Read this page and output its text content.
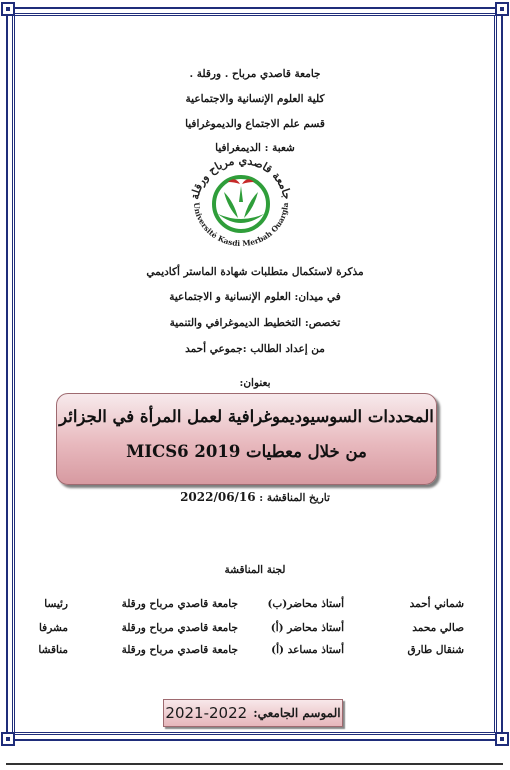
جامعة قاصدي مرباح . ورقلة .
كلية العلوم الإنسانية والاجتماعية
قسم علم الاجتماع والديموغرافيا
شعبة : الديمغرافيا
جامعة قاصدي مرباح ورقلة
Université Kasdi Merbah Ouargla
مذكرة لاستكمال متطلبات شهادة الماستر أكاديمي
في ميدان: العلوم الإنسانية و الاجتماعية
تخصص: التخطيط الديموغرافي والتنمية
من إعداد الطالب :جموعي أحمد
بعنوان:
المحددات السوسيوديموغرافية لعمل المرأة في الجزائر
من خلال معطيات MICS6 2019
تاريخ المناقشة : 2022/06/16
لجنة المناقشة
شماني أحمد
أستاذ محاضر(ب)
جامعة قاصدي مرباح ورقلة
رئيسا
صالي محمد
أستاذ محاضر (أ)
جامعة قاصدي مرباح ورقلة
مشرفا
شنقال طارق
أستاذ مساعد (أ)
جامعة قاصدي مرباح ورقلة
مناقشا
الموسم الجامعي:
2021-2022
